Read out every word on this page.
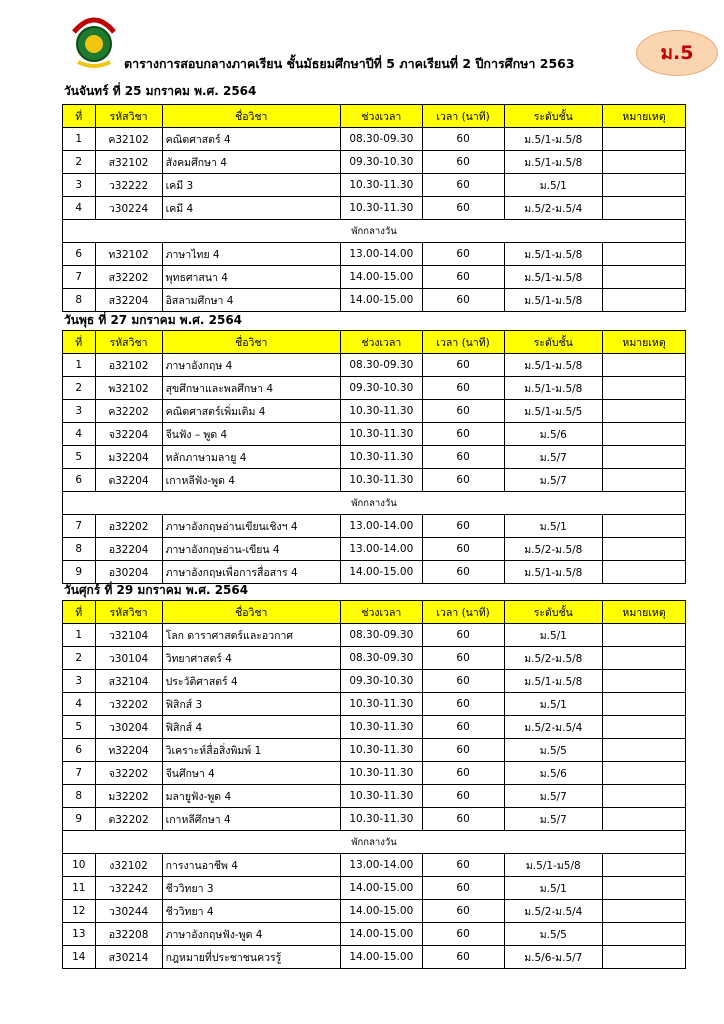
ตารางการสอบกลางภาคเรียน ชั้นมัธยมศึกษาปีที่ 5 ภาคเรียนที่ 2 ปีการศึกษา 2563	ม.5
วันจันทร์ ที่ 25 มกราคม พ.ศ. 2564
ที่	รหัสวิชา	ชื่อวิชา	ช่วงเวลา	เวลา (นาที)	ระดับชั้น	หมายเหตุ
1	ค32102	คณิตศาสตร์ 4	08.30-09.30	60	ม.5/1-ม.5/8	
2	ส32102	สังคมศึกษา 4	09.30-10.30	60	ม.5/1-ม.5/8	
3	ว32222	เคมี 3	10.30-11.30	60	ม.5/1	
4	ว30224	เคมี 4	10.30-11.30	60	ม.5/2-ม.5/4	
พักกลางวัน						
6	ท32102	ภาษาไทย 4	13.00-14.00	60	ม.5/1-ม.5/8	
7	ส32202	พุทธศาสนา 4	14.00-15.00	60	ม.5/1-ม.5/8	
8	ส32204	อิสลามศึกษา 4	14.00-15.00	60	ม.5/1-ม.5/8	
วันพุธ ที่ 27 มกราคม พ.ศ. 2564
ที่	รหัสวิชา	ชื่อวิชา	ช่วงเวลา	เวลา (นาที)	ระดับชั้น	หมายเหตุ
1	อ32102	ภาษาอังกฤษ 4	08.30-09.30	60	ม.5/1-ม.5/8	
2	พ32102	สุขศึกษาและพลศึกษา 4	09.30-10.30	60	ม.5/1-ม.5/8	
3	ค32202	คณิตศาสตร์เพิ่มเติม 4	10.30-11.30	60	ม.5/1-ม.5/5	
4	จ32204	จีนฟัง – พูด 4	10.30-11.30	60	ม.5/6	
5	ม32204	หลักภาษามลายู 4	10.30-11.30	60	ม.5/7	
6	ต32204	เกาหลีฟัง-พูด 4	10.30-11.30	60	ม.5/7	
พักกลางวัน						
7	อ32202	ภาษาอังกฤษอ่านเขียนเชิงฯ 4	13.00-14.00	60	ม.5/1	
8	อ32204	ภาษาอังกฤษอ่าน-เขียน 4	13.00-14.00	60	ม.5/2-ม.5/8	
9	อ30204	ภาษาอังกฤษเพื่อการสื่อสาร 4	14.00-15.00	60	ม.5/1-ม.5/8	
วันศุกร์ ที่ 29 มกราคม พ.ศ. 2564
ที่	รหัสวิชา	ชื่อวิชา	ช่วงเวลา	เวลา (นาที)	ระดับชั้น	หมายเหตุ
1	ว32104	โลก ดาราศาสตร์และอวกาศ	08.30-09.30	60	ม.5/1	
2	ว30104	วิทยาศาสตร์ 4	08.30-09.30	60	ม.5/2-ม.5/8	
3	ส32104	ประวัติศาสตร์ 4	09.30-10.30	60	ม.5/1-ม.5/8	
4	ว32202	ฟิสิกส์ 3	10.30-11.30	60	ม.5/1	
5	ว30204	ฟิสิกส์ 4	10.30-11.30	60	ม.5/2-ม.5/4	
6	ท32204	วิเคราะห์สื่อสิ่งพิมพ์ 1	10.30-11.30	60	ม.5/5	
7	จ32202	จีนศึกษา 4	10.30-11.30	60	ม.5/6	
8	ม32202	มลายูฟัง-พูด 4	10.30-11.30	60	ม.5/7	
9	ต32202	เกาหลีศึกษา 4	10.30-11.30	60	ม.5/7	
พักกลางวัน						
10	ง32102	การงานอาชีพ 4	13.00-14.00	60	ม.5/1-ม5/8	
11	ว32242	ชีววิทยา 3	14.00-15.00	60	ม.5/1	
12	ว30244	ชีววิทยา 4	14.00-15.00	60	ม.5/2-ม.5/4	
13	อ32208	ภาษาอังกฤษฟัง-พูด 4	14.00-15.00	60	ม.5/5	
14	ส30214	กฎหมายที่ประชาชนควรรู้	14.00-15.00	60	ม.5/6-ม.5/7	
